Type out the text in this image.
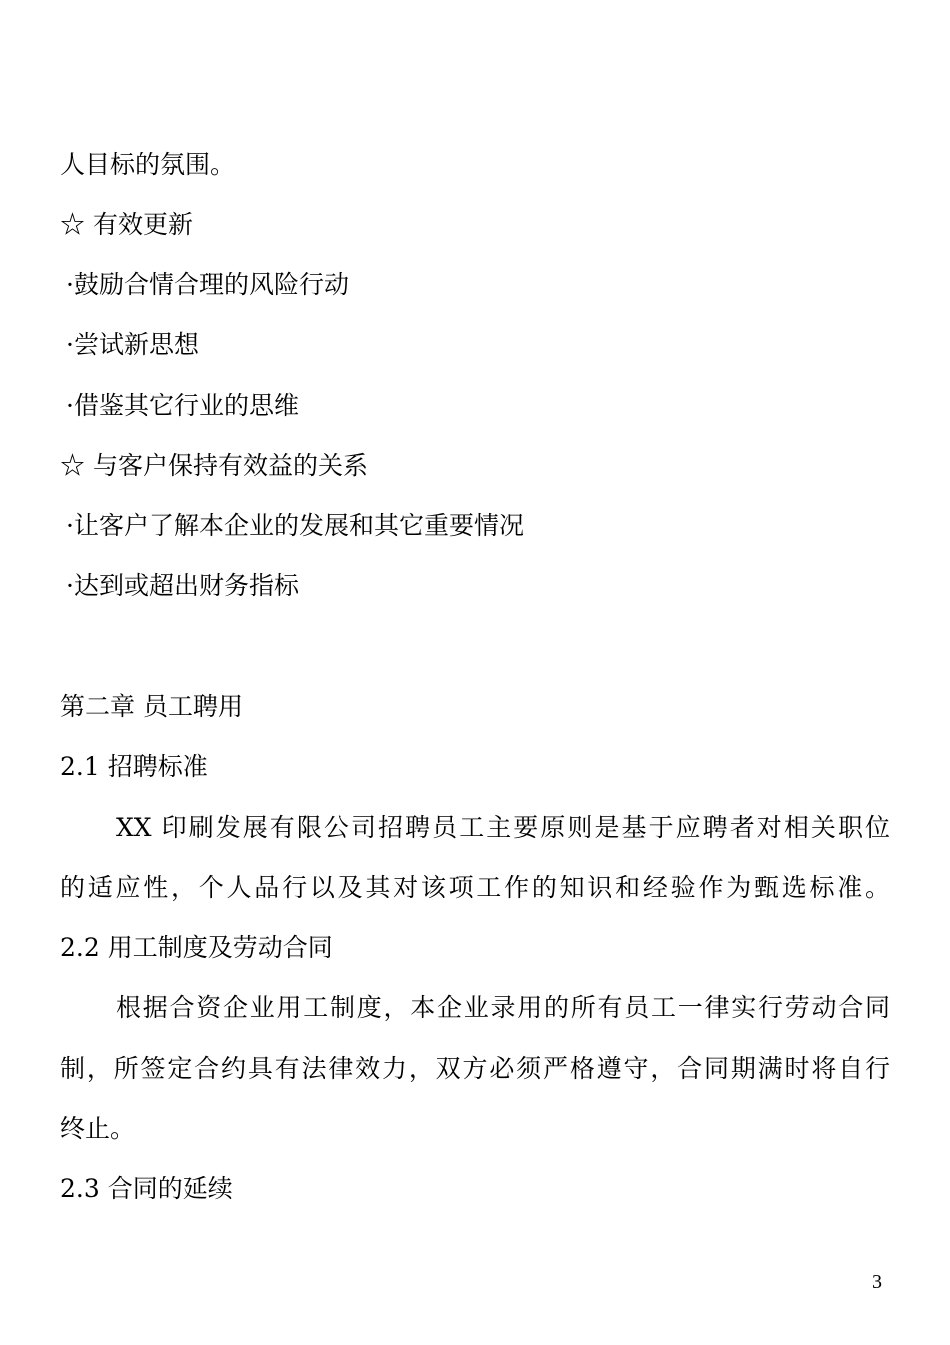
人目标的氛围。
☆ 有效更新
·鼓励合情合理的风险行动
·尝试新思想
·借鉴其它行业的思维
☆ 与客户保持有效益的关系
·让客户了解本企业的发展和其它重要情况
·达到或超出财务指标
第二章 员工聘用
2.1 招聘标准
XX 印刷发展有限公司招聘员工主要原则是基于应聘者对相关职位
的适应性，个人品行以及其对该项工作的知识和经验作为甄选标准。
2.2 用工制度及劳动合同
根据合资企业用工制度，本企业录用的所有员工一律实行劳动合同
制，所签定合约具有法律效力，双方必须严格遵守，合同期满时将自行
终止。
2.3 合同的延续
3
